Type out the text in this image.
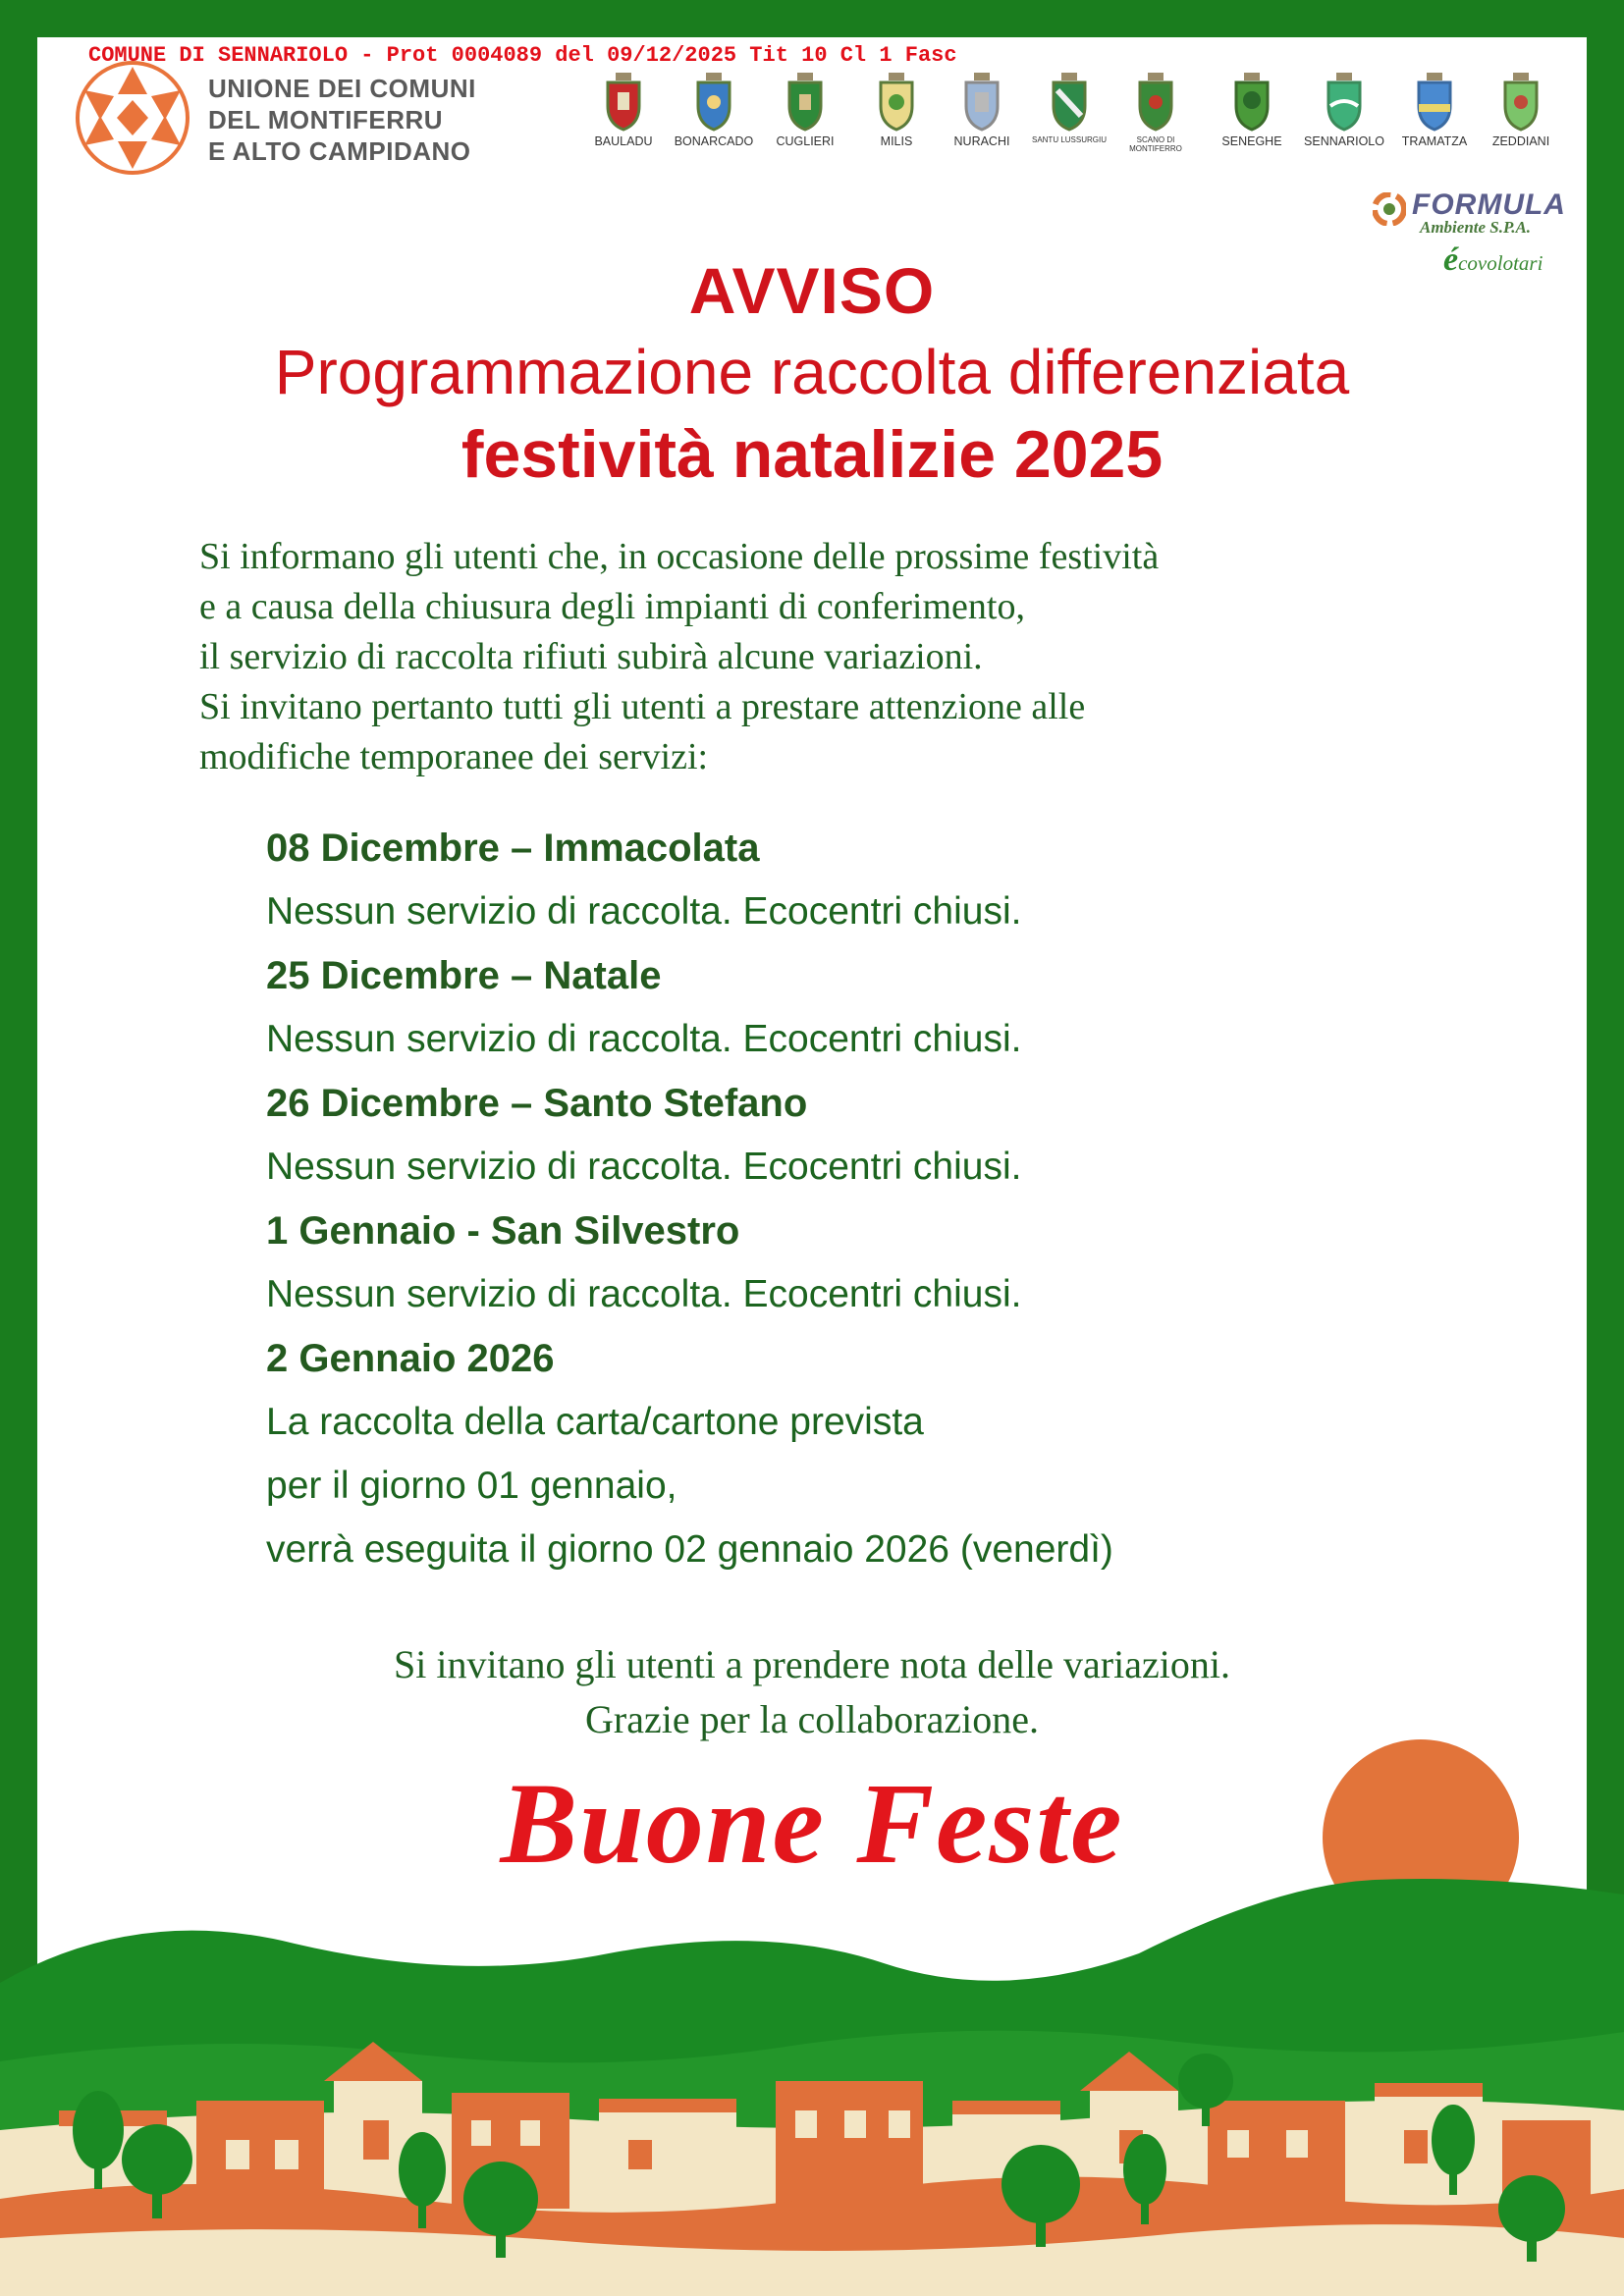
COMUNE DI SENNARIOLO - Prot 0004089 del 09/12/2025 Tit 10 Cl 1 Fasc
UNIONE DEI COMUNI
DEL MONTIFERRU
E ALTO CAMPIDANO	BAULADU	BONARCADO	CUGLIERI	MILIS	NURACHI	SANTU LUSSURGIU	SCANO DI MONTIFERRO
SENEGHE	SENNARIOLO	TRAMATZA	ZEDDIANI
FORMULA
Ambiente S.P.A.
écovolotari
AVVISO
Programmazione raccolta differenziata
festività natalizie 2025
Si informano gli utenti che, in occasione delle prossime festività
e a causa della chiusura degli impianti di conferimento,
il servizio di raccolta rifiuti subirà alcune variazioni.
Si invitano pertanto tutti gli utenti a prestare attenzione alle
modifiche temporanee dei servizi:
08 Dicembre – Immacolata
Nessun servizio di raccolta. Ecocentri chiusi.
25 Dicembre – Natale
Nessun servizio di raccolta. Ecocentri chiusi.
26 Dicembre – Santo Stefano
Nessun servizio di raccolta. Ecocentri chiusi.
1 Gennaio - San Silvestro
Nessun servizio di raccolta. Ecocentri chiusi.
2 Gennaio 2026
La raccolta della carta/cartone prevista
per il giorno 01 gennaio,
verrà eseguita il giorno 02 gennaio 2026 (venerdì)
Si invitano gli utenti a prendere nota delle variazioni.
Grazie per la collaborazione.
Buone Feste
